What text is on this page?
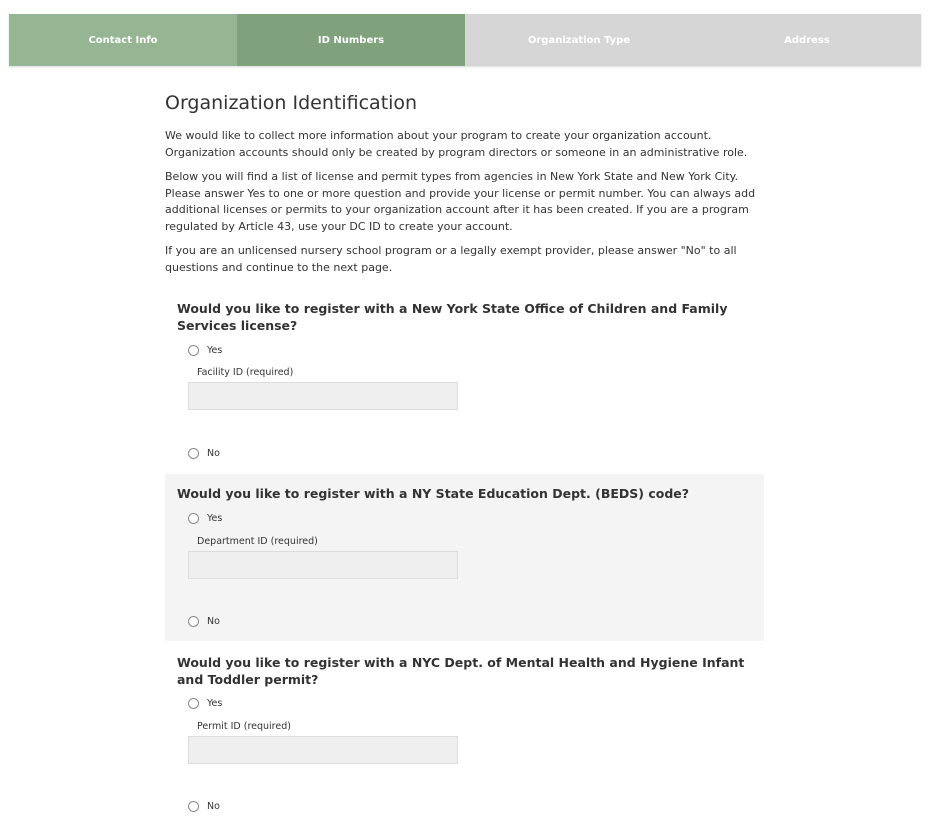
Contact Info	ID Numbers	Organization Type	Address
Organization Identification

We would like to collect more information about your program to create your organization account. Organization accounts should only be created by program directors or someone in an administrative role.

Below you will find a list of license and permit types from agencies in New York State and New York City. Please answer Yes to one or more question and provide your license or permit number. You can always add additional licenses or permits to your organization account after it has been created. If you are a program regulated by Article 43, use your DC ID to create your account.

If you are an unlicensed nursery school program or a legally exempt provider, please answer "No" to all questions and continue to the next page.

Would you like to register with a New York State Office of Children and Family Services license?
Yes
Facility ID (required)
No
Would you like to register with a NY State Education Dept. (BEDS) code?
Yes
Department ID (required)
No
Would you like to register with a NYC Dept. of Mental Health and Hygiene Infant and Toddler permit?
Yes
Permit ID (required)
No
